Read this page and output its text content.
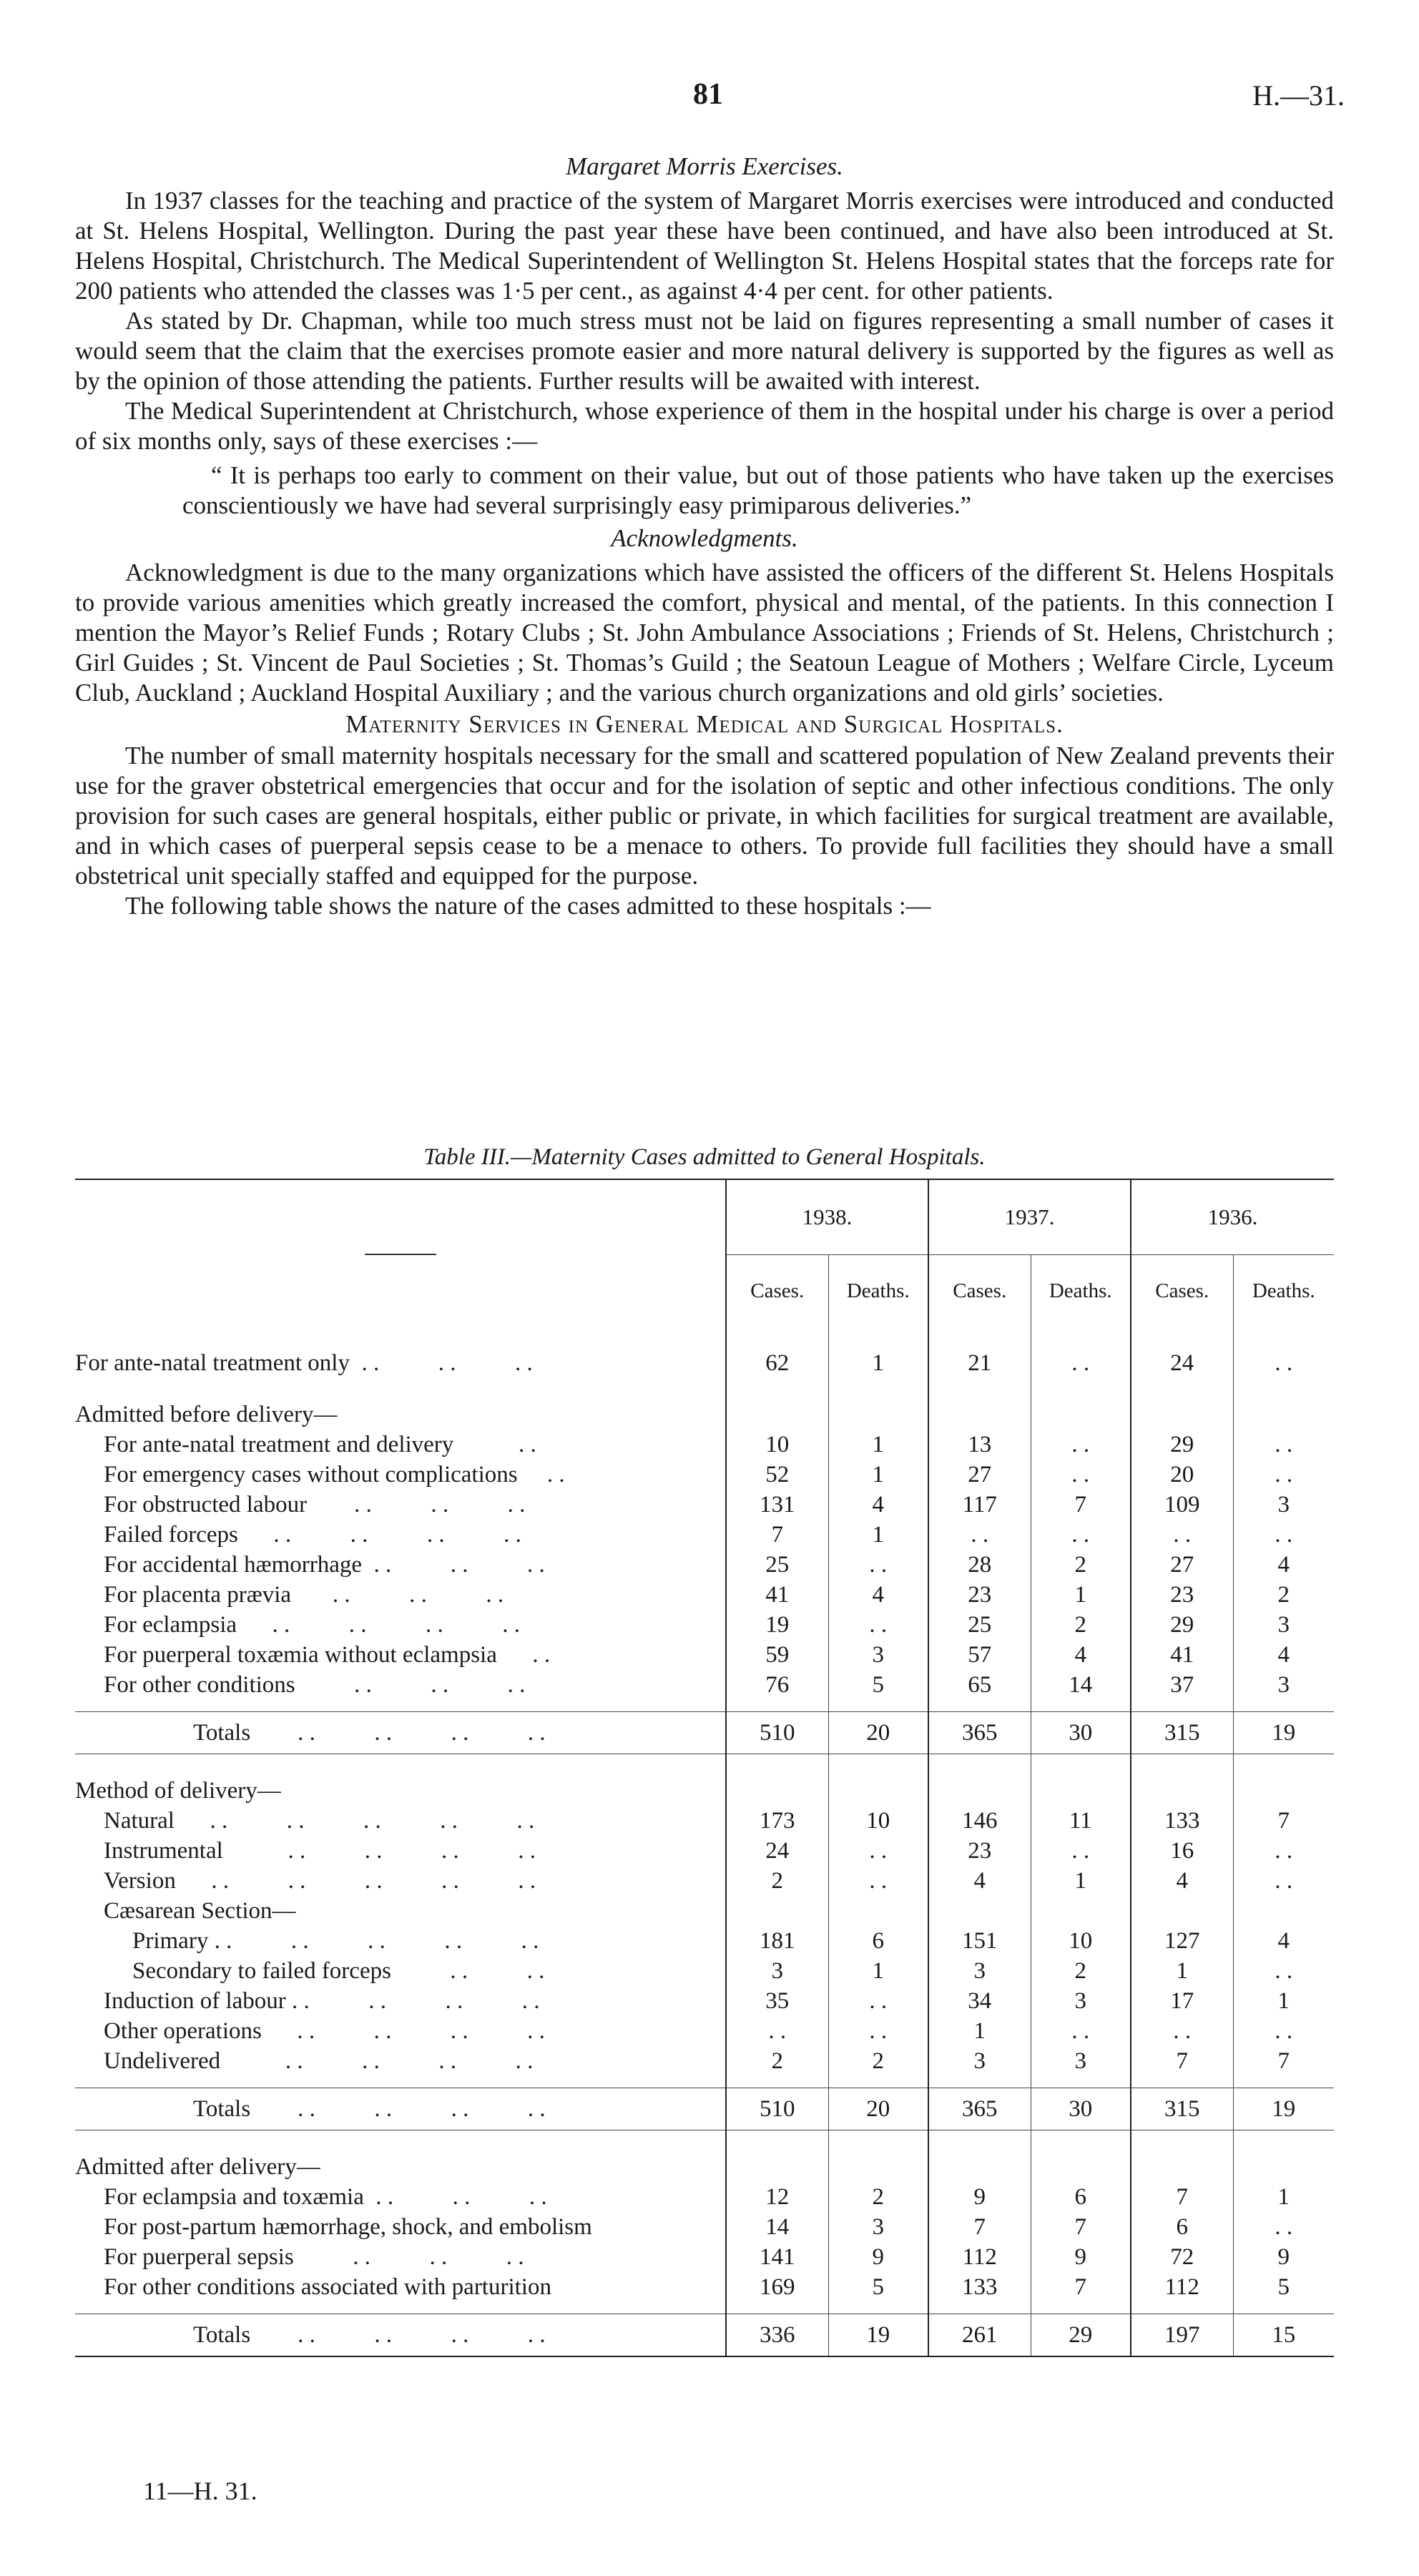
81	H.—31.
Margaret Morris Exercises.

In 1937 classes for the teaching and practice of the system of Margaret Morris exercises were introduced and conducted at St. Helens Hospital, Wellington. During the past year these have been continued, and have also been introduced at St. Helens Hospital, Christchurch. The Medical Superintendent of Wellington St. Helens Hospital states that the forceps rate for 200 patients who attended the classes was 1·5 per cent., as against 4·4 per cent. for other patients.

As stated by Dr. Chapman, while too much stress must not be laid on figures representing a small number of cases it would seem that the claim that the exercises promote easier and more natural delivery is supported by the figures as well as by the opinion of those attending the patients. Further results will be awaited with interest.

The Medical Superintendent at Christchurch, whose experience of them in the hospital under his charge is over a period of six months only, says of these exercises :—

“ It is perhaps too early to comment on their value, but out of those patients who have taken up the exercises conscientiously we have had several surprisingly easy primiparous deliveries.”

Acknowledgments.

Acknowledgment is due to the many organizations which have assisted the officers of the different St. Helens Hospitals to provide various amenities which greatly increased the comfort, physical and mental, of the patients. In this connection I mention the Mayor’s Relief Funds ; Rotary Clubs ; St. John Ambulance Associations ; Friends of St. Helens, Christchurch ; Girl Guides ; St. Vincent de Paul Societies ; St. Thomas’s Guild ; the Seatoun League of Mothers ; Welfare Circle, Lyceum Club, Auckland ; Auckland Hospital Auxiliary ; and the various church organizations and old girls’ societies.

Maternity Services in General Medical and Surgical Hospitals.

The number of small maternity hospitals necessary for the small and scattered population of New Zealand prevents their use for the graver obstetrical emergencies that occur and for the isolation of septic and other infectious conditions. The only provision for such cases are general hospitals, either public or private, in which facilities for surgical treatment are available, and in which cases of puerperal sepsis cease to be a menace to others. To provide full facilities they should have a small obstetrical unit specially staffed and equipped for the purpose.

The following table shows the nature of the cases admitted to these hospitals :—

Table III.—Maternity Cases admitted to General Hospitals.
	1938.		1937.		1936.	
	Cases.	Deaths.	Cases.	Deaths.	Cases.	Deaths.

For ante-natal treatment only  . .          . .          . .	62	1	21	. .	24	. .

Admitted before delivery—						
For ante-natal treatment and delivery           . .	10	1	13	. .	29	. .
For emergency cases without complications     . .	52	1	27	. .	20	. .
For obstructed labour        . .          . .          . .	131	4	117	7	109	3
Failed forceps      . .          . .          . .          . .	7	1	. .	. .	. .	. .
For accidental hæmorrhage  . .          . .          . .	25	. .	28	2	27	4
For placenta prævia       . .          . .          . .	41	4	23	1	23	2
For eclampsia      . .          . .          . .          . .	19	. .	25	2	29	3
For puerperal toxæmia without eclampsia      . .	59	3	57	4	41	4
For other conditions          . .          . .          . .	76	5	65	14	37	3

Totals        . .          . .          . .          . .	510	20	365	30	315	19

Method of delivery—						
Natural      . .          . .          . .          . .          . .	173	10	146	11	133	7
Instrumental           . .          . .          . .          . .	24	. .	23	. .	16	. .
Version      . .          . .          . .          . .          . .	2	. .	4	1	4	. .
Cæsarean Section—						
Primary . .          . .          . .          . .          . .	181	6	151	10	127	4
Secondary to failed forceps          . .          . .	3	1	3	2	1	. .
Induction of labour . .          . .          . .          . .	35	. .	34	3	17	1
Other operations      . .          . .          . .          . .	. .	. .	1	. .	. .	. .
Undelivered           . .          . .          . .          . .	2	2	3	3	7	7

Totals        . .          . .          . .          . .	510	20	365	30	315	19

Admitted after delivery—						
For eclampsia and toxæmia  . .          . .          . .	12	2	9	6	7	1
For post-partum hæmorrhage, shock, and embolism	14	3	7	7	6	. .
For puerperal sepsis          . .          . .          . .	141	9	112	9	72	9
For other conditions associated with parturition	169	5	133	7	112	5

Totals        . .          . .          . .          . .	336	19	261	29	197	15
11—H. 31.
